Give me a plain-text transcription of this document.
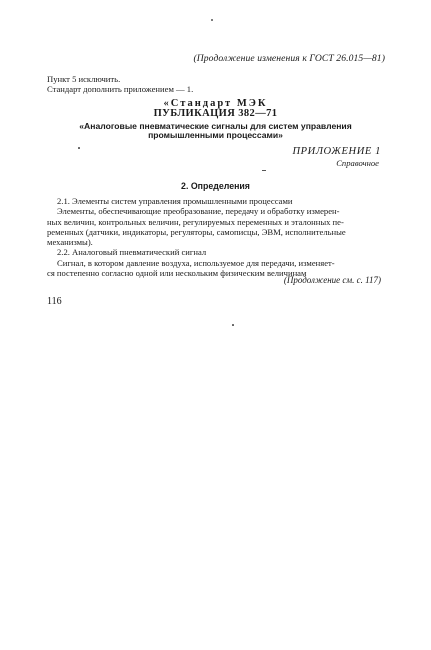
(Продолжение изменения к ГОСТ 26.015—81)
Пункт 5 исключить.
Стандарт дополнить приложением — 1.
«Стандарт МЭК
ПУБЛИКАЦИЯ 382—71
«Аналоговые пневматические сигналы для систем управления
промышленными процессами»
ПРИЛОЖЕНИЕ 1
Справочное
2. Определения
2.1. Элементы систем управления промышленными процессами
Элементы, обеспечивающие преобразование, передачу и обработку измерен-
ных величин, контрольных величин, регулируемых переменных и эталонных пе-
ременных (датчики, индикаторы, регуляторы, самописцы, ЭВМ, исполнительные
механизмы).
2.2. Аналоговый пневматический сигнал
Сигнал, в котором давление воздуха, используемое для передачи, изменяет-
ся постепенно согласно одной или нескольким физическим величинам
(Продолжение см. с. 117)
116
